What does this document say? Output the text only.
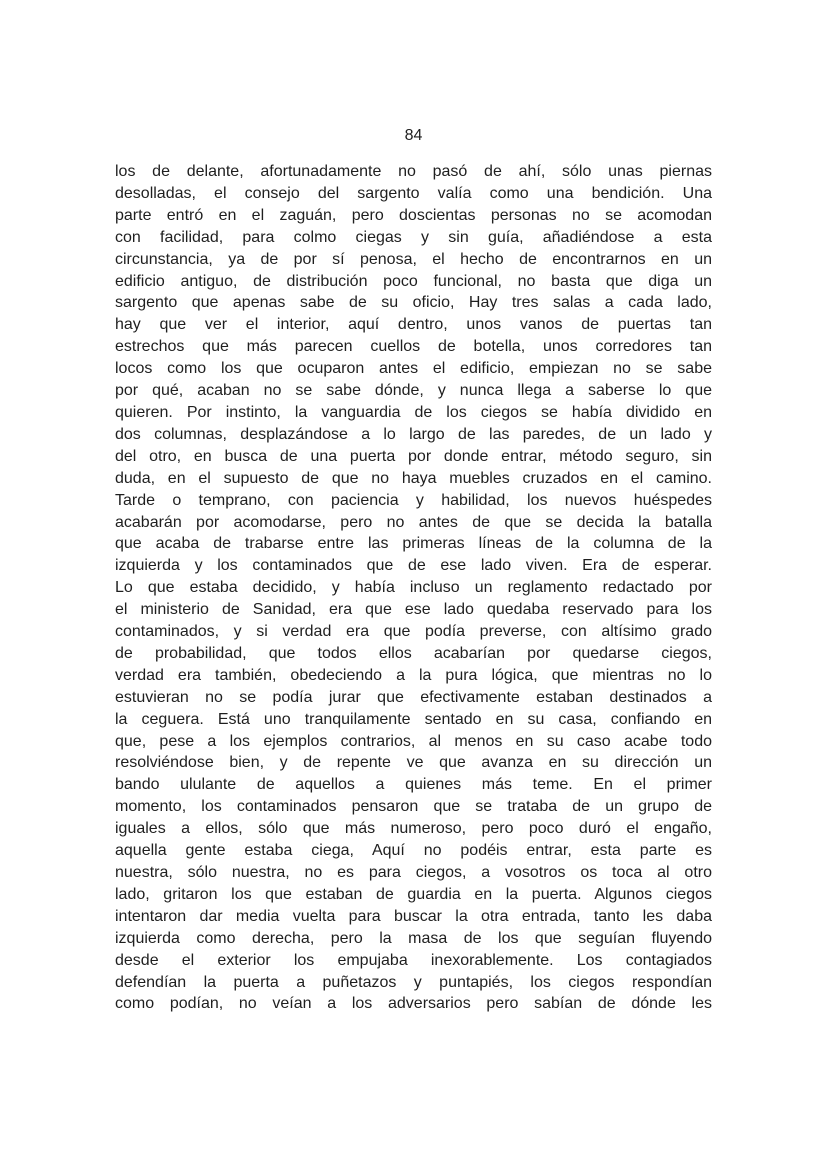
84
los de delante, afortunadamente no pasó de ahí, sólo unas piernas
desolladas, el consejo del sargento valía como una bendición. Una
parte entró en el zaguán, pero doscientas personas no se acomodan
con facilidad, para colmo ciegas y sin guía, añadiéndose a esta
circunstancia, ya de por sí penosa, el hecho de encontrarnos en un
edificio antiguo, de distribución poco funcional, no basta que diga un
sargento que apenas sabe de su oficio, Hay tres salas a cada lado,
hay que ver el interior, aquí dentro, unos vanos de puertas tan
estrechos que más parecen cuellos de botella, unos corredores tan
locos como los que ocuparon antes el edificio, empiezan no se sabe
por qué, acaban no se sabe dónde, y nunca llega a saberse lo que
quieren. Por instinto, la vanguardia de los ciegos se había dividido en
dos columnas, desplazándose a lo largo de las paredes, de un lado y
del otro, en busca de una puerta por donde entrar, método seguro, sin
duda, en el supuesto de que no haya muebles cruzados en el camino.
Tarde o temprano, con paciencia y habilidad, los nuevos huéspedes
acabarán por acomodarse, pero no antes de que se decida la batalla
que acaba de trabarse entre las primeras líneas de la columna de la
izquierda y los contaminados que de ese lado viven. Era de esperar.
Lo que estaba decidido, y había incluso un reglamento redactado por
el ministerio de Sanidad, era que ese lado quedaba reservado para los
contaminados, y si verdad era que podía preverse, con altísimo grado
de probabilidad, que todos ellos acabarían por quedarse ciegos,
verdad era también, obedeciendo a la pura lógica, que mientras no lo
estuvieran no se podía jurar que efectivamente estaban destinados a
la ceguera. Está uno tranquilamente sentado en su casa, confiando en
que, pese a los ejemplos contrarios, al menos en su caso acabe todo
resolviéndose bien, y de repente ve que avanza en su dirección un
bando ululante de aquellos a quienes más teme. En el primer
momento, los contaminados pensaron que se trataba de un grupo de
iguales a ellos, sólo que más numeroso, pero poco duró el engaño,
aquella gente estaba ciega, Aquí no podéis entrar, esta parte es
nuestra, sólo nuestra, no es para ciegos, a vosotros os toca al otro
lado, gritaron los que estaban de guardia en la puerta. Algunos ciegos
intentaron dar media vuelta para buscar la otra entrada, tanto les daba
izquierda como derecha, pero la masa de los que seguían fluyendo
desde el exterior los empujaba inexorablemente. Los contagiados
defendían la puerta a puñetazos y puntapiés, los ciegos respondían
como podían, no veían a los adversarios pero sabían de dónde les
